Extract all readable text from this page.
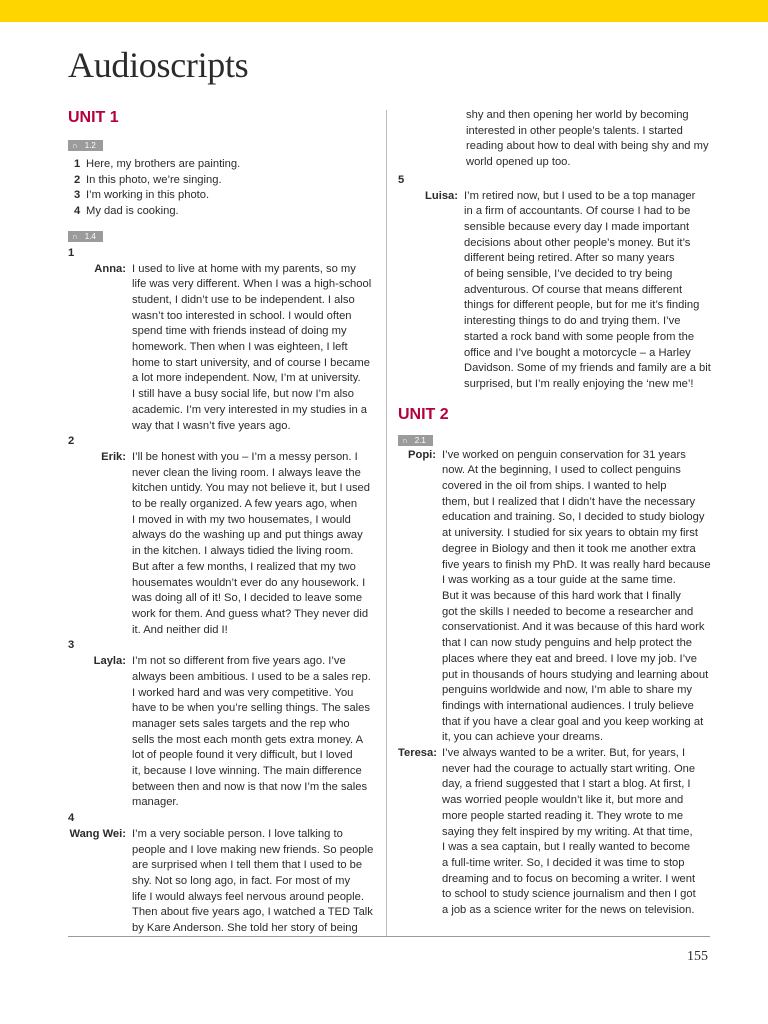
Audioscripts
UNIT 1
∩ 1.2
1 Here, my brothers are painting.
2 In this photo, we’re singing.
3 I’m working in this photo.
4 My dad is cooking.
∩ 1.4
1
Anna: I used to live at home with my parents, so my
life was very different. When I was a high-school
student, I didn’t use to be independent. I also
wasn’t too interested in school. I would often
spend time with friends instead of doing my
homework. Then when I was eighteen, I left
home to start university, and of course I became
a lot more independent. Now, I’m at university.
I still have a busy social life, but now I’m also
academic. I’m very interested in my studies in a
way that I wasn’t five years ago.
2
Erik: I’ll be honest with you – I’m a messy person. I
never clean the living room. I always leave the
kitchen untidy. You may not believe it, but I used
to be really organized. A few years ago, when
I moved in with my two housemates, I would
always do the washing up and put things away
in the kitchen. I always tidied the living room.
But after a few months, I realized that my two
housemates wouldn’t ever do any housework. I
was doing all of it! So, I decided to leave some
work for them. And guess what? They never did
it. And neither did I!
3
Layla: I’m not so different from five years ago. I’ve
always been ambitious. I used to be a sales rep.
I worked hard and was very competitive. You
have to be when you’re selling things. The sales
manager sets sales targets and the rep who
sells the most each month gets extra money. A
lot of people found it very difficult, but I loved
it, because I love winning. The main difference
between then and now is that now I’m the sales
manager.
4
Wang Wei: I’m a very sociable person. I love talking to
people and I love making new friends. So people
are surprised when I tell them that I used to be
shy. Not so long ago, in fact. For most of my
life I would always feel nervous around people.
Then about five years ago, I watched a TED Talk
by Kare Anderson. She told her story of being
shy and then opening her world by becoming
interested in other people’s talents. I started
reading about how to deal with being shy and my
world opened up too.
5
Luisa: I’m retired now, but I used to be a top manager
in a firm of accountants. Of course I had to be
sensible because every day I made important
decisions about other people’s money. But it’s
different being retired. After so many years
of being sensible, I’ve decided to try being
adventurous. Of course that means different
things for different people, but for me it’s finding
interesting things to do and trying them. I’ve
started a rock band with some people from the
office and I’ve bought a motorcycle – a Harley
Davidson. Some of my friends and family are a bit
surprised, but I’m really enjoying the ‘new me’!
UNIT 2
∩ 2.1
Popi: I’ve worked on penguin conservation for 31 years
now. At the beginning, I used to collect penguins
covered in the oil from ships. I wanted to help
them, but I realized that I didn’t have the necessary
education and training. So, I decided to study biology
at university. I studied for six years to obtain my first
degree in Biology and then it took me another extra
five years to finish my PhD. It was really hard because
I was working as a tour guide at the same time.
But it was because of this hard work that I finally
got the skills I needed to become a researcher and
conservationist. And it was because of this hard work
that I can now study penguins and help protect the
places where they eat and breed. I love my job. I’ve
put in thousands of hours studying and learning about
penguins worldwide and now, I’m able to share my
findings with international audiences. I truly believe
that if you have a clear goal and you keep working at
it, you can achieve your dreams.
Teresa: I’ve always wanted to be a writer. But, for years, I
never had the courage to actually start writing. One
day, a friend suggested that I start a blog. At first, I
was worried people wouldn’t like it, but more and
more people started reading it. They wrote to me
saying they felt inspired by my writing. At that time,
I was a sea captain, but I really wanted to become
a full-time writer. So, I decided it was time to stop
dreaming and to focus on becoming a writer. I went
to school to study science journalism and then I got
a job as a science writer for the news on television.
155
